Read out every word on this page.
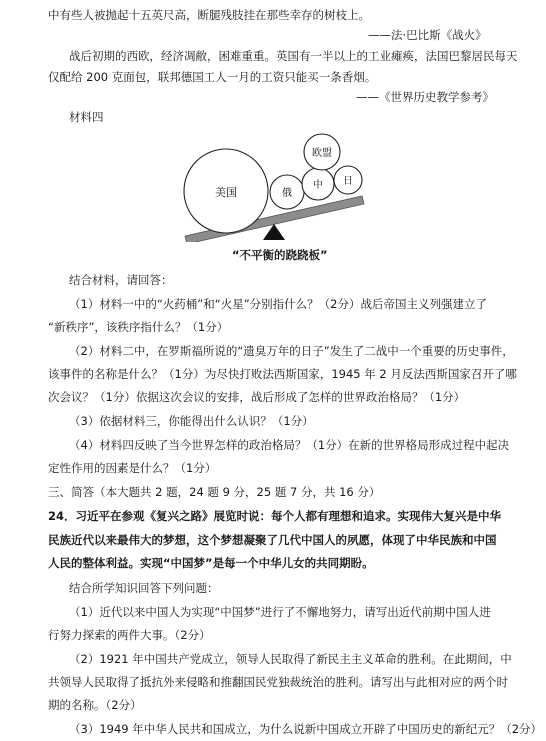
中有些人被抛起十五英尺高，断腿残肢挂在那些幸存的树枝上。
——法·巴比斯《战火》
战后初期的西欧，经济凋敝，困难重重。英国有一半以上的工业瘫痪，法国巴黎居民每天
仅配给 200 克面包，联邦德国工人一月的工资只能买一条香烟。
——《世界历史教学参考》
材料四
美国	俄
中 日
欧盟
“不平衡的跷跷板”
结合材料，请回答：
（1）材料一中的“火药桶”和“火星”分别指什么？（2分）战后帝国主义列强建立了
“新秩序”，该秩序指什么？（1分）
（2）材料二中，在罗斯福所说的“遗臭万年的日子”发生了二战中一个重要的历史事件，
该事件的名称是什么？（1分）为尽快打败法西斯国家，1945 年 2 月反法西斯国家召开了哪
次会议？（1分）依据这次会议的安排，战后形成了怎样的世界政治格局？（1分）
（3）依据材料三，你能得出什么认识？（1分）
（4）材料四反映了当今世界怎样的政治格局？（1分）在新的世界格局形成过程中起决
定性作用的因素是什么？（1分）
三、简答（本大题共 2 题，24 题 9 分，25 题 7 分，共 16 分）
24．习近平在参观《复兴之路》展览时说：每个人都有理想和追求。实现伟大复兴是中华
民族近代以来最伟大的梦想，这个梦想凝聚了几代中国人的夙愿，体现了中华民族和中国
人民的整体利益。实现“中国梦”是每一个中华儿女的共同期盼。
结合所学知识回答下列问题：
（1）近代以来中国人为实现“中国梦”进行了不懈地努力，请写出近代前期中国人进
行努力探索的两件大事。（2分）
（2）1921 年中国共产党成立，领导人民取得了新民主主义革命的胜利。在此期间，中
共领导人民取得了抵抗外来侵略和推翻国民党独裁统治的胜利。请写出与此相对应的两个时
期的名称。（2分）
（3）1949 年中华人民共和国成立，为什么说新中国成立开辟了中国历史的新纪元？（2分）
